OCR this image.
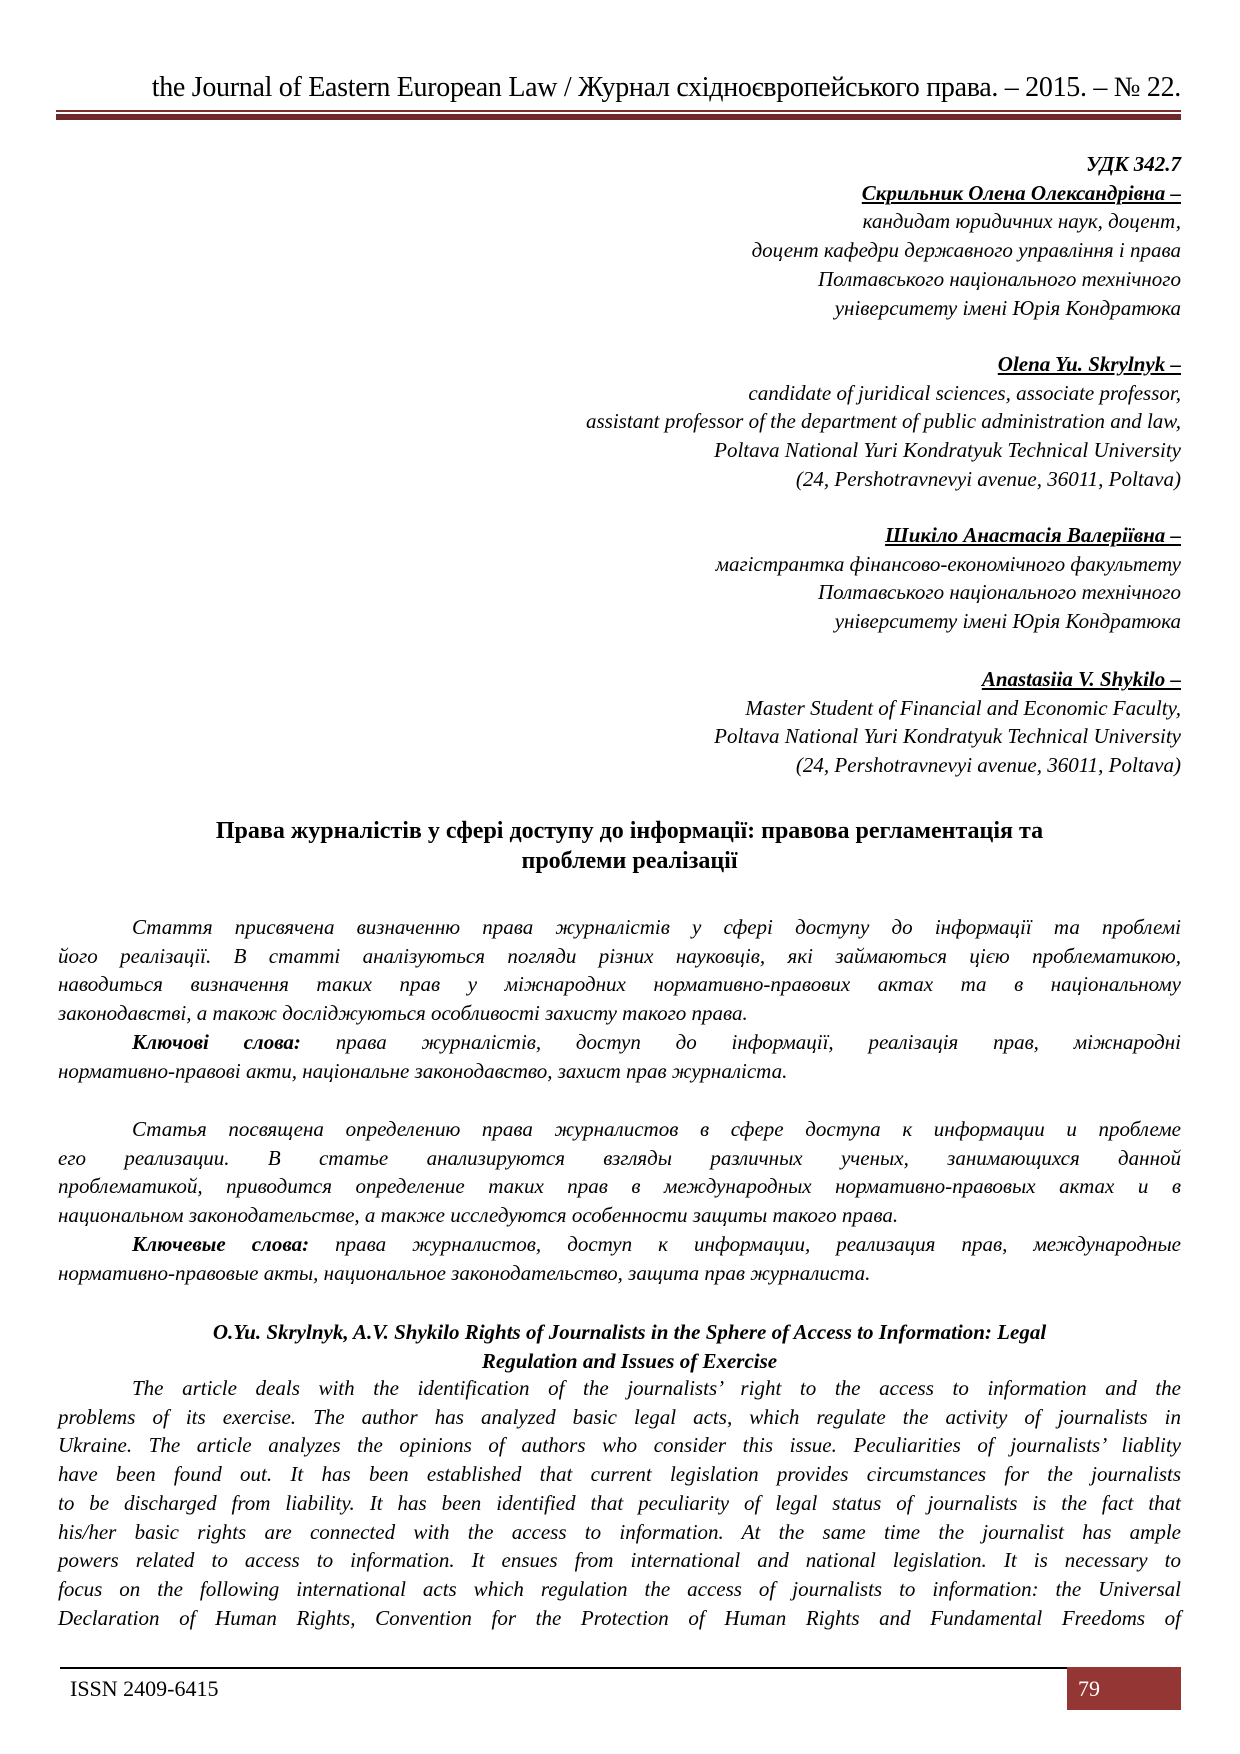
the Journal of Eastern European Law / Журнал східноєвропейського права. – 2015. – № 22.
УДК 342.7
Скрильник Олена Олександрівна –
кандидат юридичних наук, доцент,
доцент кафедри державного управління і права
Полтавського національного технічного
університету імені Юрія Кондратюка
Olena Yu. Skrylnyk –
candidate of juridical sciences, associate professor,
assistant professor of the department of public administration and law,
Poltava National Yuri Kondratyuk Technical University
(24, Pershotravnevyi avenue, 36011, Poltava)
Шикіло Анастасія Валеріївна –
магістрантка фінансово-економічного факультету
Полтавського національного технічного
університету імені Юрія Кондратюка
Anastasiia V. Shykilo –
Master Student of Financial and Economic Faculty,
Poltava National Yuri Kondratyuk Technical University
(24, Pershotravnevyi avenue, 36011, Poltava)
Права журналістів у сфері доступу до інформації: правова регламентація та
проблеми реалізації
Стаття присвячена визначенню права журналістів у сфері доступу до інформації та проблемі
його реалізації. В статті аналізуються погляди різних науковців, які займаються цією проблематикою,
наводиться визначення таких прав у міжнародних нормативно-правових актах та в національному
законодавстві, а також досліджуються особливості захисту такого права.
Ключові слова: права журналістів, доступ до інформації, реалізація прав, міжнародні
нормативно-правові акти, національне законодавство, захист прав журналіста.
Статья посвящена определению права журналистов в сфере доступа к информации и проблеме
его реализации. В статье анализируются взгляды различных ученых, занимающихся данной
проблематикой, приводится определение таких прав в международных нормативно-правовых актах и в
национальном законодательстве, а также исследуются особенности защиты такого права.
Ключевые слова: права журналистов, доступ к информации, реализация прав, международные
нормативно-правовые акты, национальное законодательство, защита прав журналиста.
O.Yu. Skrylnyk, A.V. Shykilo Rights of Journalists in the Sphere of Access to Information: Legal
Regulation and Issues of Exercise
The article deals with the identification of the journalists’ right to the access to information and the
problems of its exercise. The author has analyzed basic legal acts, which regulate the activity of journalists in
Ukraine. The article analyzes the opinions of authors who consider this issue. Peculiarities of journalists’ liablity
have been found out. It has been established that current legislation provides circumstances for the journalists
to be discharged from liability. It has been identified that peculiarity of legal status of journalists is the fact that
his/her basic rights are connected with the access to information. At the same time the journalist has ample
powers related to access to information. It ensues from international and national legislation. It is necessary to
focus on the following international acts which regulation the access of journalists to information: the Universal
Declaration of Human Rights, Convention for the Protection of Human Rights and Fundamental Freedoms of
ISSN 2409-6415	79
